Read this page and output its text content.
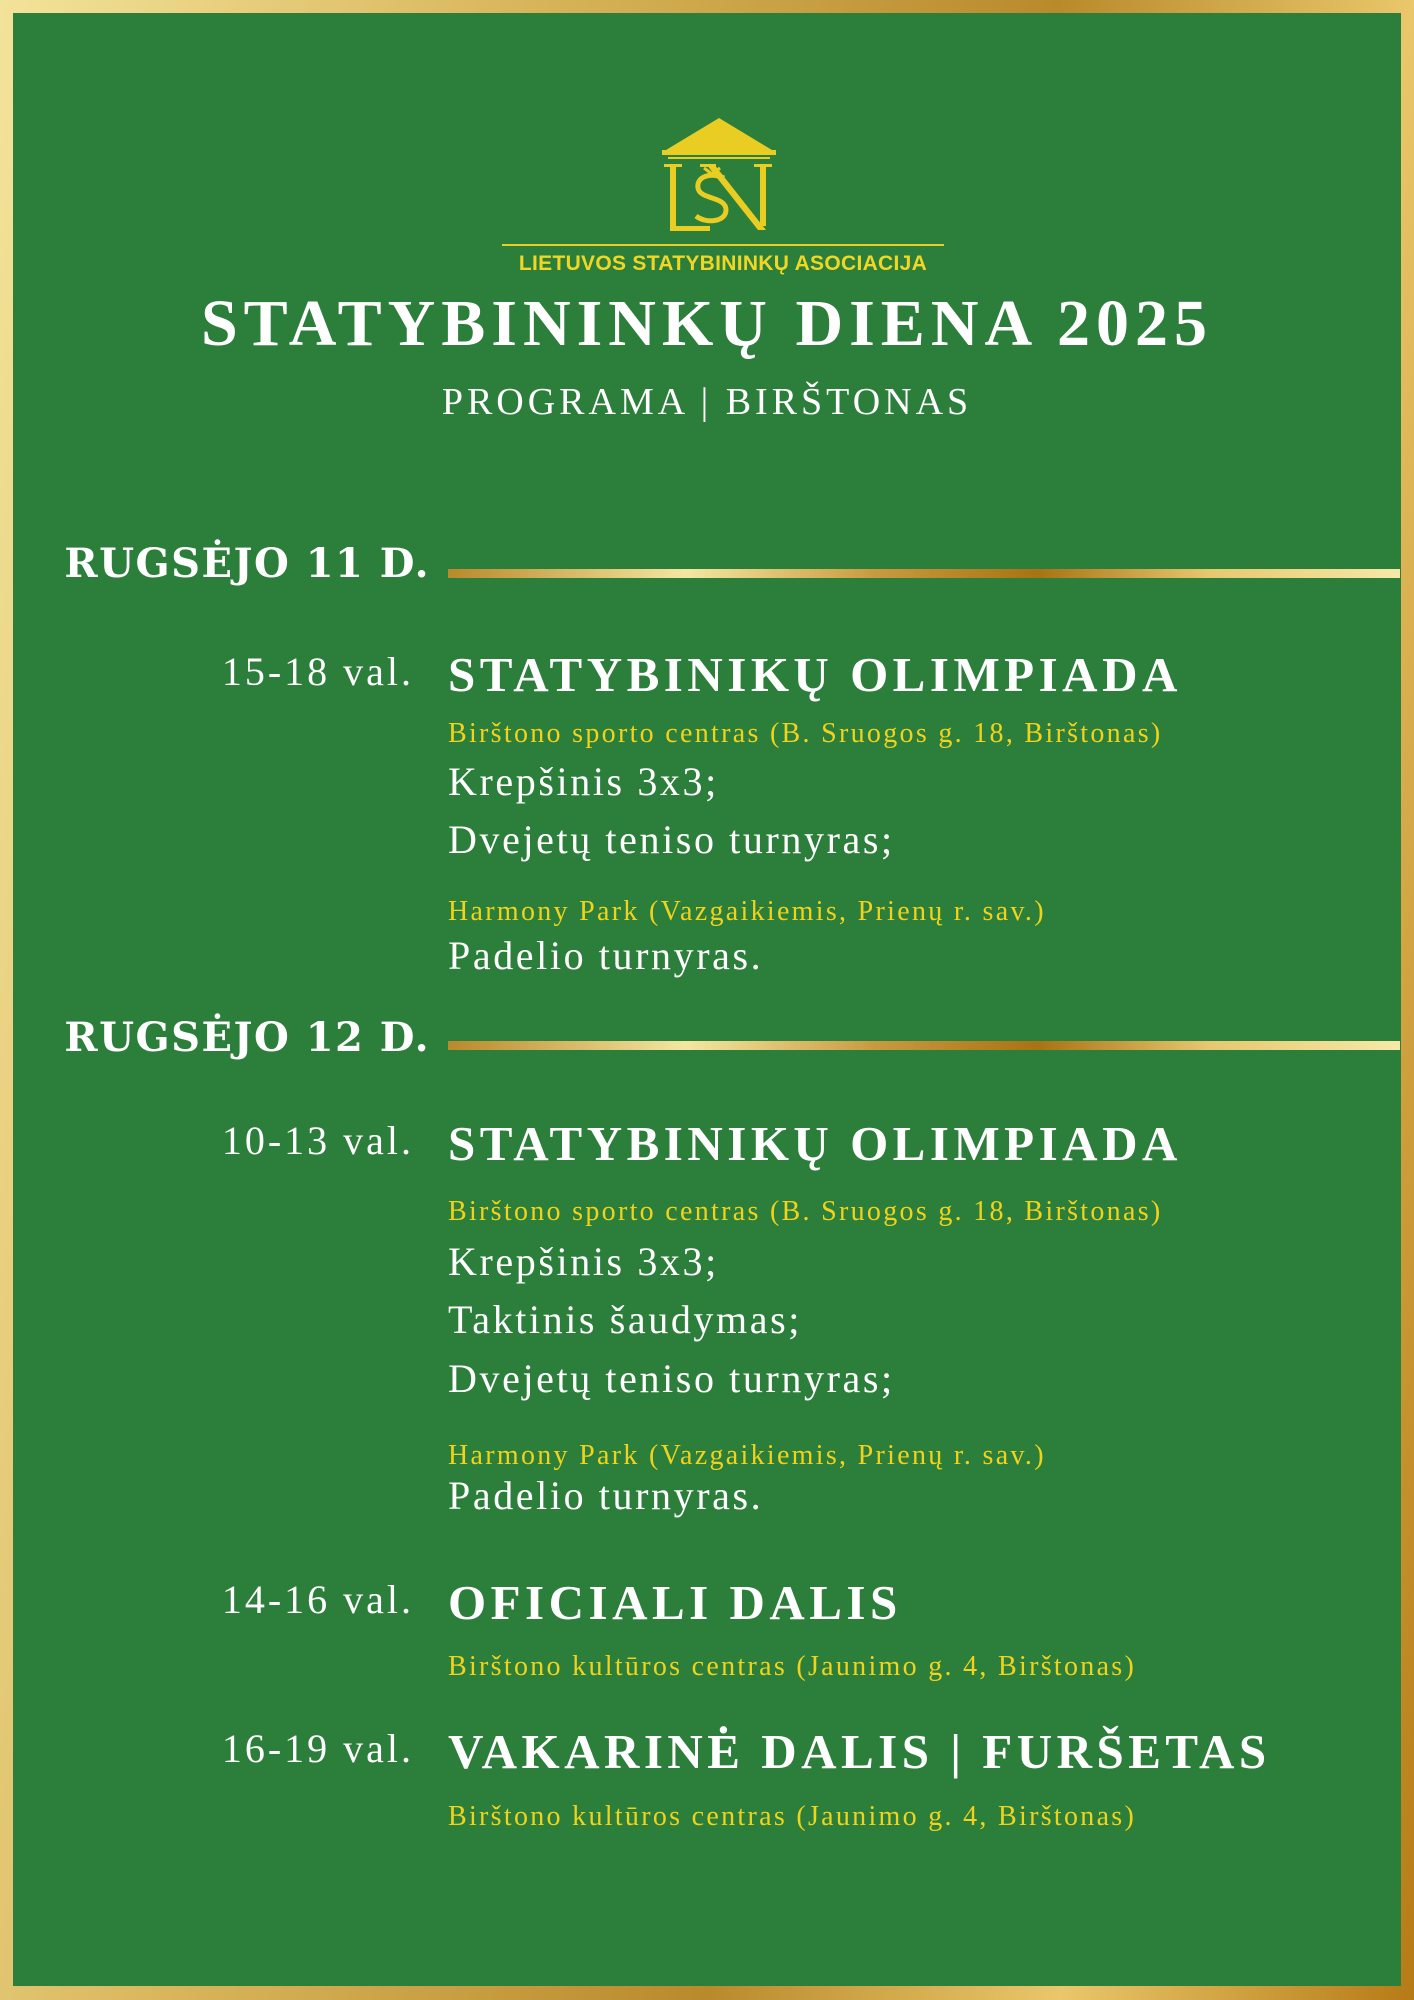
LIETUVOS STATYBININKŲ ASOCIACIJA
STATYBININKŲ DIENA 2025
PROGRAMA | BIRŠTONAS
RUGSĖJO 11 D.
15-18 val. STATYBINIKŲ OLIMPIADA
Birštono sporto centras (B. Sruogos g. 18, Birštonas)
Krepšinis 3x3;
Dvejetų teniso turnyras;
Harmony Park (Vazgaikiemis, Prienų r. sav.)
Padelio turnyras.
RUGSĖJO 12 D.
10-13 val. STATYBINIKŲ OLIMPIADA
Birštono sporto centras (B. Sruogos g. 18, Birštonas)
Krepšinis 3x3;
Taktinis šaudymas;
Dvejetų teniso turnyras;
Harmony Park (Vazgaikiemis, Prienų r. sav.)
Padelio turnyras.
14-16 val. OFICIALI DALIS
Birštono kultūros centras (Jaunimo g. 4, Birštonas)
16-19 val. VAKARINĖ DALIS | FURŠETAS
Birštono kultūros centras (Jaunimo g. 4, Birštonas)
